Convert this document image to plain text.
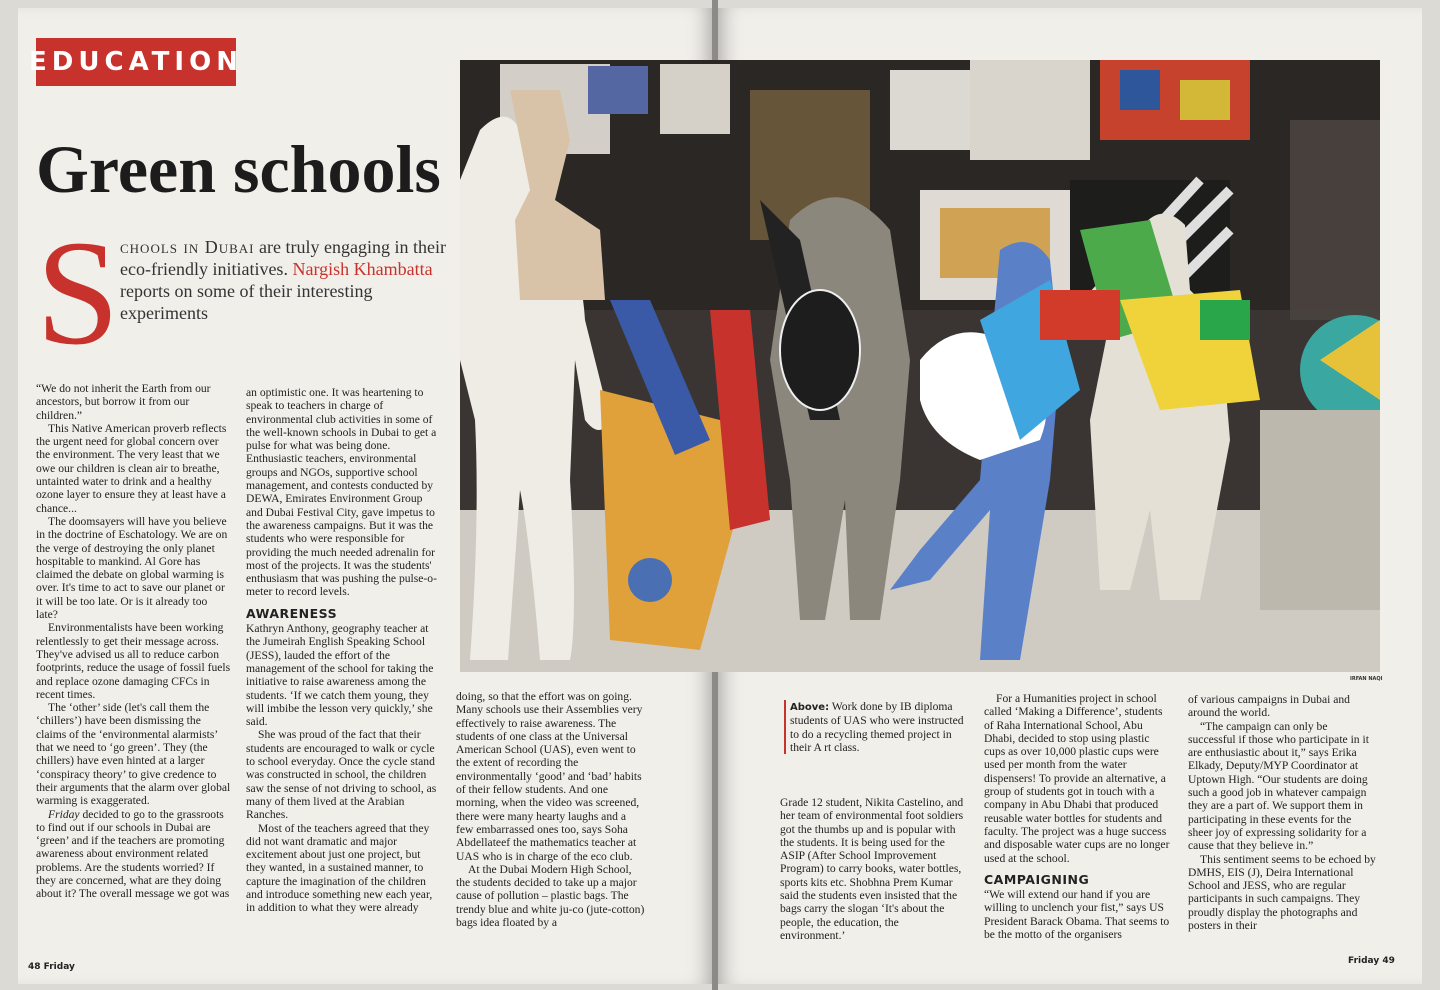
EDUCATION
Green schools
S chools in Dubai are truly engaging in their eco-friendly initiatives. Nargish Khambatta reports on some of their interesting experiments
IRFAN NAQI

“We do not inherit the Earth from our ancestors, but borrow it from our children.”

This Native American proverb reflects the urgent need for global concern over the environment. The very least that we owe our children is clean air to breathe, untainted water to drink and a healthy ozone layer to ensure they at least have a chance...

The doomsayers will have you believe in the doctrine of Eschatology. We are on the verge of destroying the only planet hospitable to mankind. Al Gore has claimed the debate on global warming is over. It's time to act to save our planet or it will be too late. Or is it already too late?

Environmentalists have been working relentlessly to get their message across. They've advised us all to reduce carbon footprints, reduce the usage of fossil fuels and replace ozone damaging CFCs in recent times.

The ‘other’ side (let's call them the ‘chillers’) have been dismissing the claims of the ‘environmental alarmists’ that we need to ‘go green’. They (the chillers) have even hinted at a larger ‘conspiracy theory’ to give credence to their arguments that the alarm over global warming is exaggerated.

Friday decided to go to the grassroots to find out if our schools in Dubai are ‘green’ and if the teachers are promoting awareness about environment related problems. Are the students worried? If they are concerned, what are they doing about it? The overall message we got was

an optimistic one. It was heartening to speak to teachers in charge of environmental club activities in some of the well-known schools in Dubai to get a pulse for what was being done. Enthusiastic teachers, environmental groups and NGOs, supportive school management, and contests conducted by DEWA, Emirates Environment Group and Dubai Festival City, gave impetus to the awareness campaigns. But it was the students who were responsible for providing the much needed adrenalin for most of the projects. It was the students' enthusiasm that was pushing the pulse-o-meter to record levels.

AWARENESS

Kathryn Anthony, geography teacher at the Jumeirah English Speaking School (JESS), lauded the effort of the management of the school for taking the initiative to raise awareness among the students. ‘If we catch them young, they will imbibe the lesson very quickly,’ she said.

She was proud of the fact that their students are encouraged to walk or cycle to school everyday. Once the cycle stand was constructed in school, the children saw the sense of not driving to school, as many of them lived at the Arabian Ranches.

Most of the teachers agreed that they did not want dramatic and major excitement about just one project, but they wanted, in a sustained manner, to capture the imagination of the children and introduce something new each year, in addition to what they were already

doing, so that the effort was on going. Many schools use their Assemblies very effectively to raise awareness. The students of one class at the Universal American School (UAS), even went to the extent of recording the environmentally ‘good’ and ‘bad’ habits of their fellow students. And one morning, when the video was screened, there were many hearty laughs and a few embarrassed ones too, says Soha Abdellateef the mathematics teacher at UAS who is in charge of the eco club.

At the Dubai Modern High School, the students decided to take up a major cause of pollution – plastic bags. The trendy blue and white ju-co (jute-cotton) bags idea floated by a

Above: Work done by IB diploma students of UAS who were instructed to do a recycling themed project in their A rt class.

Grade 12 student, Nikita Castelino, and her team of environmental foot soldiers got the thumbs up and is popular with the students. It is being used for the ASIP (After School Improvement Program) to carry books, water bottles, sports kits etc. Shobhna Prem Kumar said the students even insisted that the bags carry the slogan ‘It's about the people, the education, the environment.’

For a Humanities project in school called ‘Making a Difference’, students of Raha International School, Abu Dhabi, decided to stop using plastic cups as over 10,000 plastic cups were used per month from the water dispensers! To provide an alternative, a group of students got in touch with a company in Abu Dhabi that produced reusable water bottles for students and faculty. The project was a huge success and disposable water cups are no longer used at the school.

CAMPAIGNING

“We will extend our hand if you are willing to unclench your fist,” says US President Barack Obama. That seems to be the motto of the organisers

of various campaigns in Dubai and around the world.

“The campaign can only be successful if those who participate in it are enthusiastic about it,” says Erika Elkady, Deputy/MYP Coordinator at Uptown High. “Our students are doing such a good job in whatever campaign they are a part of. We support them in participating in these events for the sheer joy of expressing solidarity for a cause that they believe in.”

This sentiment seems to be echoed by DMHS, EIS (J), Deira International School and JESS, who are regular participants in such campaigns. They proudly display the photographs and posters in their

48 Friday
Friday 49
